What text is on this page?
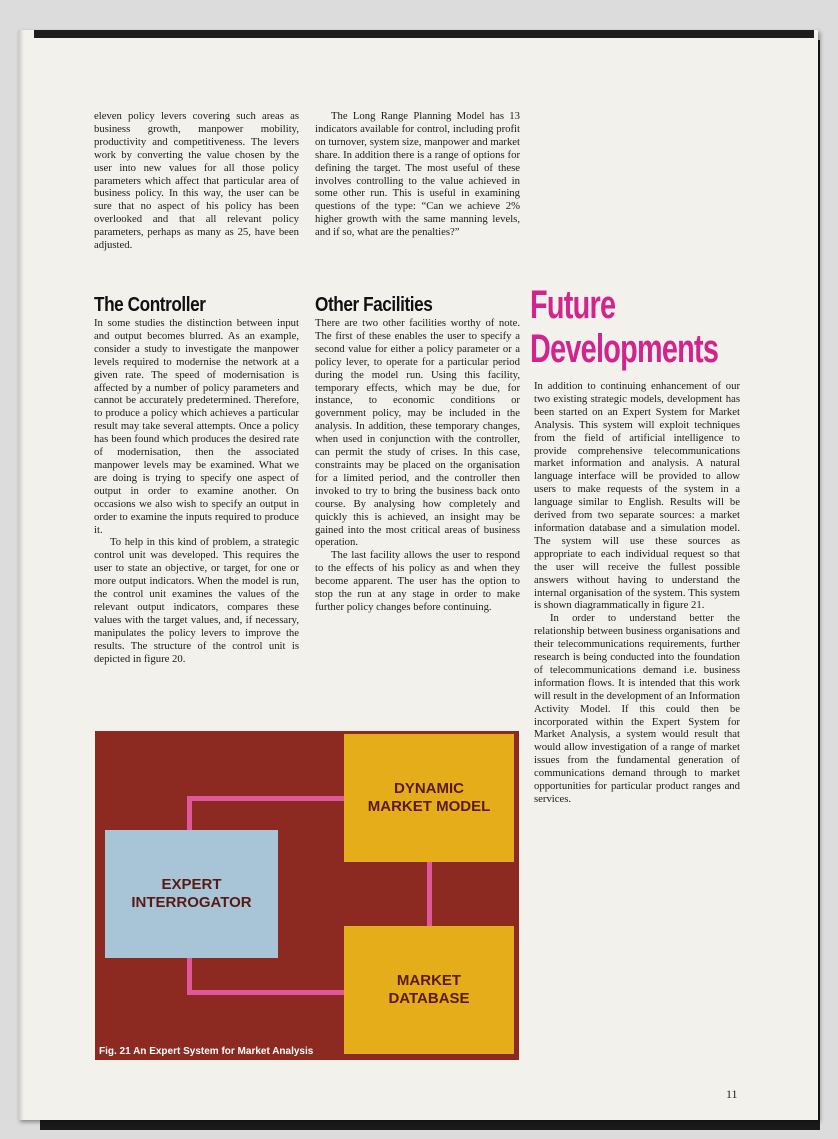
eleven policy levers covering such areas as business growth, manpower mobility, productivity and competitiveness. The levers work by converting the value chosen by the user into new values for all those policy parameters which affect that particular area of business policy. In this way, the user can be sure that no aspect of his policy has been overlooked and that all relevant policy parameters, perhaps as many as 25, have been adjusted.

The Long Range Planning Model has 13 indicators available for control, including profit on turnover, system size, manpower and market share. In addition there is a range of options for defining the target. The most useful of these involves controlling to the value achieved in some other run. This is useful in examining questions of the type: “Can we achieve 2% higher growth with the same manning levels, and if so, what are the penalties?”

The Controller

In some studies the distinction between input and output becomes blurred. As an example, consider a study to investigate the manpower levels required to modernise the network at a given rate. The speed of modernisation is affected by a number of policy parameters and cannot be accurately predetermined. Therefore, to produce a policy which achieves a particular result may take several attempts. Once a policy has been found which produces the desired rate of modernisation, then the associated manpower levels may be examined. What we are doing is trying to specify one aspect of output in order to examine another. On occasions we also wish to specify an output in order to examine the inputs required to produce it.

To help in this kind of problem, a strategic control unit was developed. This requires the user to state an objective, or target, for one or more output indicators. When the model is run, the control unit examines the values of the relevant output indicators, compares these values with the target values, and, if necessary, manipulates the policy levers to improve the results. The structure of the control unit is depicted in figure 20.

Other Facilities

There are two other facilities worthy of note. The first of these enables the user to specify a second value for either a policy parameter or a policy lever, to operate for a particular period during the model run. Using this facility, temporary effects, which may be due, for instance, to economic conditions or government policy, may be included in the analysis. In addition, these temporary changes, when used in conjunction with the controller, can permit the study of crises. In this case, constraints may be placed on the organisation for a limited period, and the controller then invoked to try to bring the business back onto course. By analysing how completely and quickly this is achieved, an insight may be gained into the most critical areas of business operation.

The last facility allows the user to respond to the effects of his policy as and when they become apparent. The user has the option to stop the run at any stage in order to make further policy changes before continuing.

Future
Developments

In addition to continuing enhancement of our two existing strategic models, development has been started on an Expert System for Market Analysis. This system will exploit techniques from the field of artificial intelligence to provide comprehensive telecommunications market information and analysis. A natural language interface will be provided to allow users to make requests of the system in a language similar to English. Results will be derived from two separate sources: a market information database and a simulation model. The system will use these sources as appropriate to each individual request so that the user will receive the fullest possible answers without having to understand the internal organisation of the system. This system is shown diagrammatically in figure 21.

In order to understand better the relationship between business organisations and their telecommunications requirements, further research is being conducted into the foundation of telecommunications demand i.e. business information flows. It is intended that this work will result in the development of an Information Activity Model. If this could then be incorporated within the Expert System for Market Analysis, a system would result that would allow investigation of a range of market issues from the fundamental generation of communications demand through to market opportunities for particular product ranges and services.

DYNAMIC
MARKET MODEL
EXPERT
INTERROGATOR
MARKET
DATABASE
Fig. 21 An Expert System for Market Analysis
11
